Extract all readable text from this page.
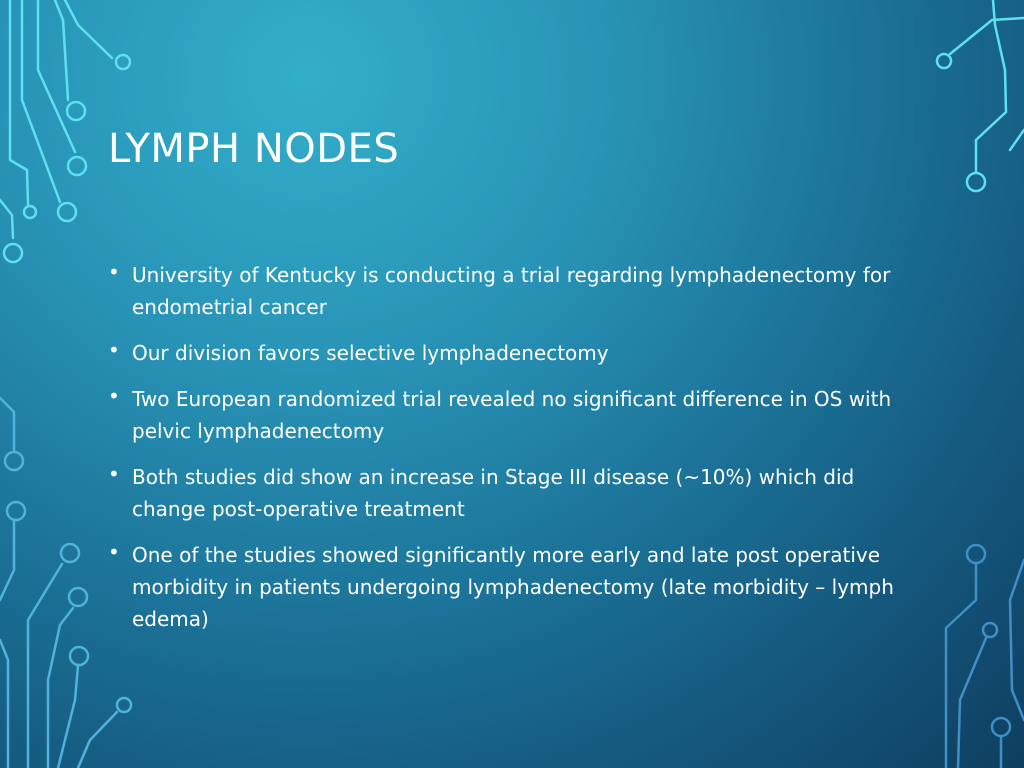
LYMPH NODES
• University of Kentucky is conducting a trial regarding lymphadenectomy for endometrial cancer
• Our division favors selective lymphadenectomy
• Two European randomized trial revealed no significant difference in OS with pelvic lymphadenectomy
• Both studies did show an increase in Stage III disease (~10%) which did change post-operative treatment
• One of the studies showed significantly more early and late post operative morbidity in patients undergoing lymphadenectomy (late morbidity – lymph edema)
